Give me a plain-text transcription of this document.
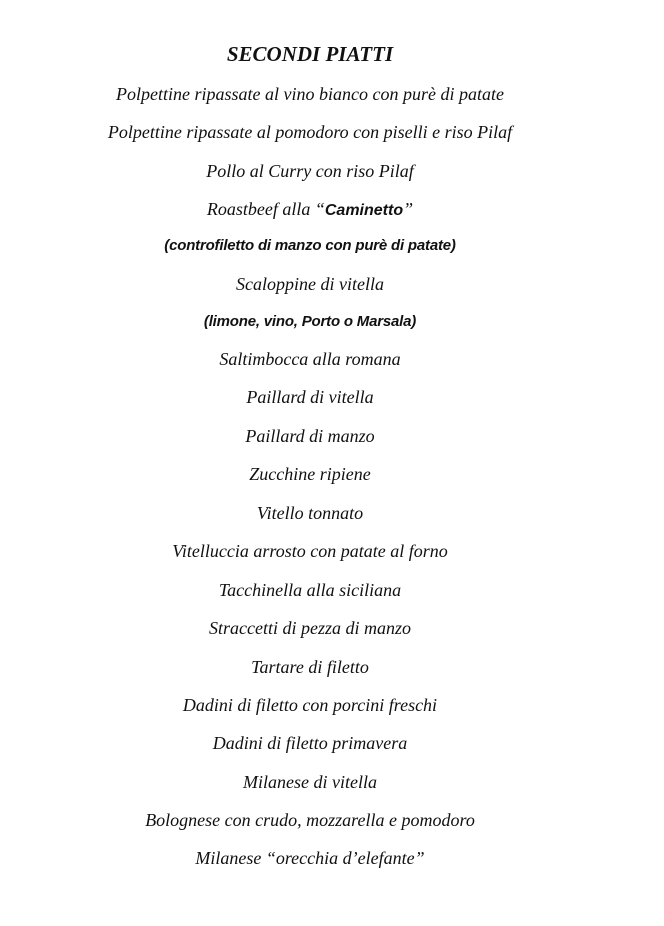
SECONDI PIATTI

Polpettine ripassate al vino bianco con purè di patate

Polpettine ripassate al pomodoro con piselli e riso Pilaf

Pollo al Curry con riso Pilaf

Roastbeef alla “Caminetto”

(controfiletto di manzo con purè di patate)

Scaloppine di vitella

(limone, vino, Porto o Marsala)

Saltimbocca alla romana

Paillard di vitella

Paillard di manzo

Zucchine ripiene

Vitello tonnato

Vitelluccia arrosto con patate al forno

Tacchinella alla siciliana

Straccetti di pezza di manzo

Tartare di filetto

Dadini di filetto con porcini freschi

Dadini di filetto primavera

Milanese di vitella

Bolognese con crudo, mozzarella e pomodoro

Milanese “orecchia d’elefante”
